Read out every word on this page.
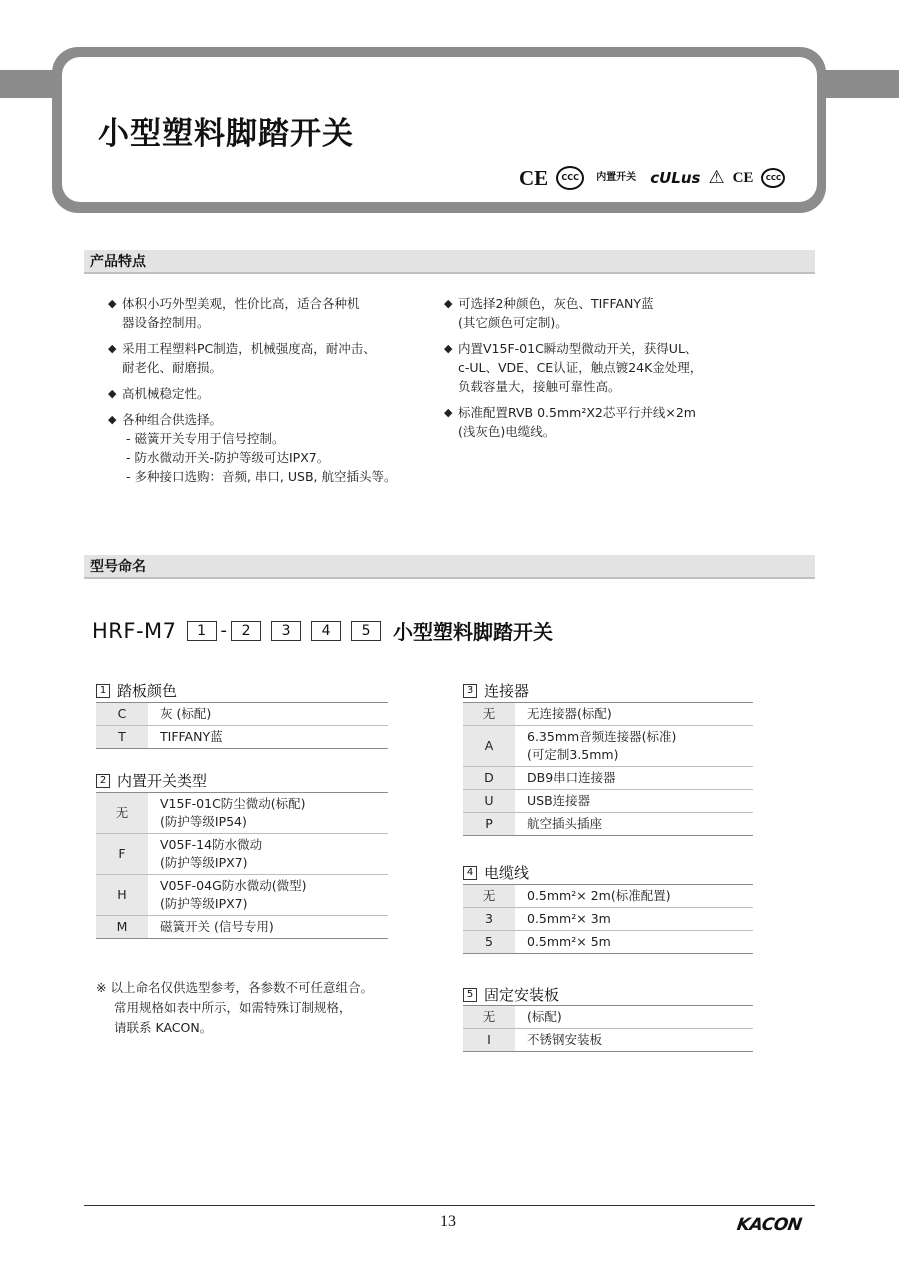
小型塑料脚踏开关
CE	CCC	内置开关 cULus ⚠ CE	CCC
产品特点
◆ 体积小巧外型美观，性价比高，适合各种机
器设备控制用。
◆ 采用工程塑料PC制造，机械强度高，耐冲击、
耐老化、耐磨损。
◆ 高机械稳定性。
◆ 各种组合供选择。
- 磁簧开关专用于信号控制。
- 防水微动开关-防护等级可达IPX7。
- 多种接口选购：音频, 串口, USB, 航空插头等。
◆ 可选择2种颜色，灰色、TIFFANY蓝
(其它颜色可定制)。
◆ 内置V15F-01C瞬动型微动开关，获得UL、
c-UL、VDE、CE认证，触点镀24K金处理，
负载容量大，接触可靠性高。
◆ 标准配置RVB 0.5mm²X2芯平行并线×2m
(浅灰色)电缆线。
型号命名
HRF-M7	1 -	2	3	4	5	小型塑料脚踏开关
1 踏板颜色
C	灰 (标配)

T	TIFFANY蓝
2 内置开关类型
无	V15F-01C防尘微动(标配)
(防护等级IP54)

F	V05F-14防水微动
(防护等级IPX7)

H	V05F-04G防水微动(微型)
(防护等级IPX7)

M	磁簧开关 (信号专用)
3 连接器
无	无连接器(标配)

A	6.35mm音频连接器(标准)
(可定制3.5mm)

D	DB9串口连接器

U	USB连接器

P	航空插头插座
4 电缆线
无	0.5mm²× 2m(标准配置)

3	0.5mm²× 3m

5	0.5mm²× 5m
5 固定安装板
无	(标配)

I	不锈钢安装板
※ 以上命名仅供选型参考，各参数不可任意组合。
常用规格如表中所示，如需特殊订制规格，
请联系 KACON。
13	KACON
